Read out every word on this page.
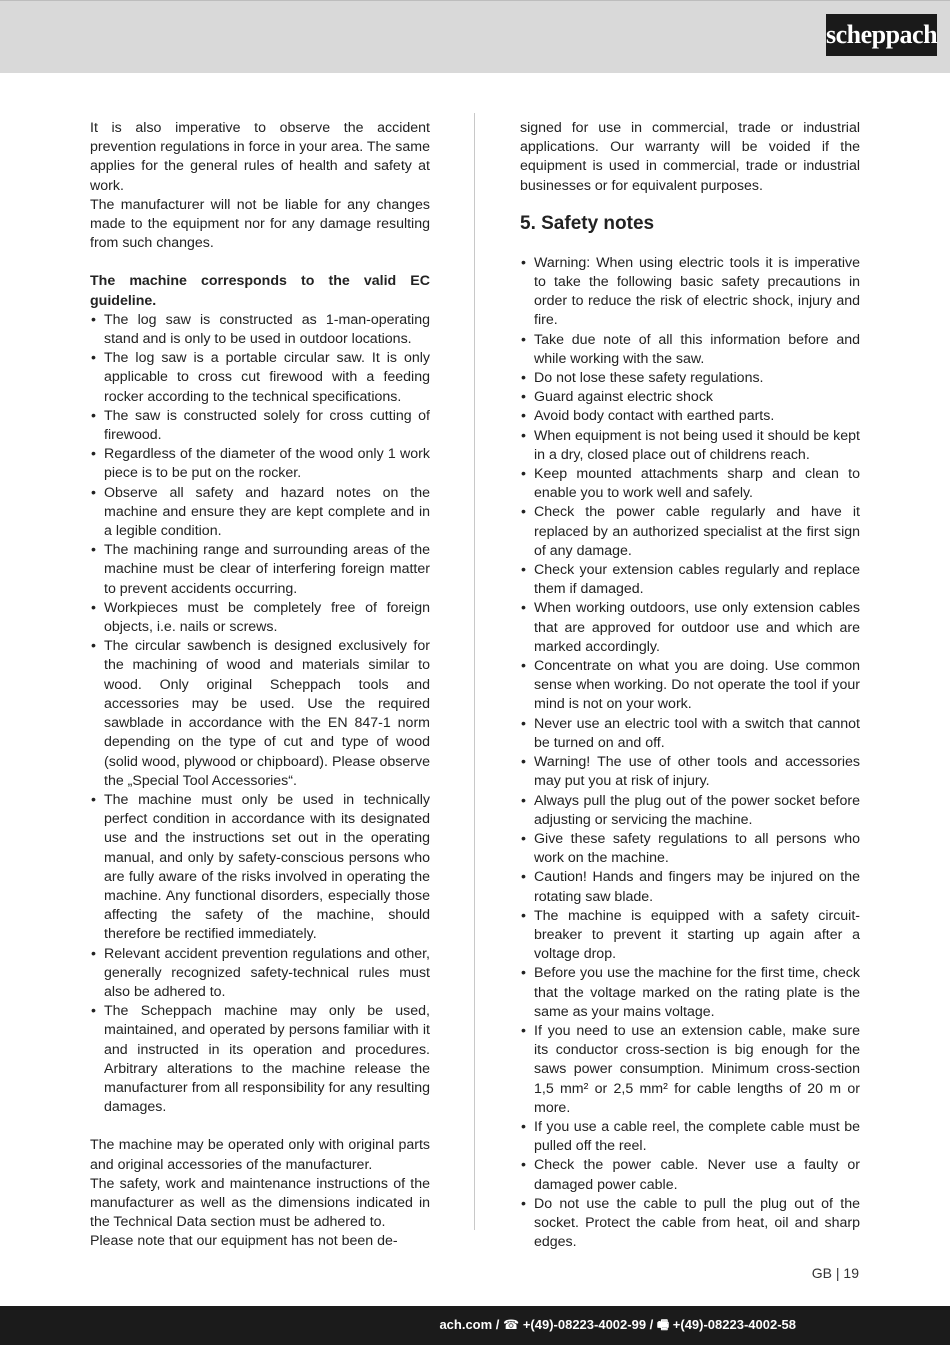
scheppach

It is also imperative to observe the accident prevention regulations in force in your area. The same applies for the general rules of health and safety at work.

The manufacturer will not be liable for any changes made to the equipment nor for any damage resulting from such changes.

The machine corresponds to the valid EC guideline.

• The log saw is constructed as 1-man-operating stand and is only to be used in outdoor locations.
• The log saw is a portable circular saw. It is only applicable to cross cut firewood with a feeding rocker according to the technical specifications.
• The saw is constructed solely for cross cutting of firewood.
• Regardless of the diameter of the wood only 1 work piece is to be put on the rocker.
• Observe all safety and hazard notes on the machine and ensure they are kept complete and in a legible condition.
• The machining range and surrounding areas of the machine must be clear of interfering foreign matter to prevent accidents occurring.
• Workpieces must be completely free of foreign objects, i.e. nails or screws.
• The circular sawbench is designed exclusively for the machining of wood and materials similar to wood. Only original Scheppach tools and accessories may be used. Use the required sawblade in accordance with the EN 847-1 norm depending on the type of cut and type of wood (solid wood, plywood or chipboard). Please observe the „Special Tool Accessories“.
• The machine must only be used in technically perfect condition in accordance with its designated use and the instructions set out in the operating manual, and only by safety-conscious persons who are fully aware of the risks involved in operating the machine. Any functional disorders, especially those affecting the safety of the machine, should therefore be rectified immediately.
• Relevant accident prevention regulations and other, generally recognized safety-technical rules must also be adhered to.
• The Scheppach machine may only be used, maintained, and operated by persons familiar with it and instructed in its operation and procedures. Arbitrary alterations to the machine release the manufacturer from all responsibility for any resulting damages.

The machine may be operated only with original parts and original accessories of the manufacturer.

The safety, work and maintenance instructions of the manufacturer as well as the dimensions indicated in the Technical Data section must be adhered to.

Please note that our equipment has not been de-

signed for use in commercial, trade or industrial applications. Our warranty will be voided if the equipment is used in commercial, trade or industrial businesses or for equivalent purposes.

5. Safety notes
• Warning: When using electric tools it is imperative to take the following basic safety precautions in order to reduce the risk of electric shock, injury and fire.
• Take due note of all this information before and while working with the saw.
• Do not lose these safety regulations.
• Guard against electric shock
• Avoid body contact with earthed parts.
• When equipment is not being used it should be kept in a dry, closed place out of childrens reach.
• Keep mounted attachments sharp and clean to enable you to work well and safely.
• Check the power cable regularly and have it replaced by an authorized specialist at the first sign of any damage.
• Check your extension cables regularly and replace them if damaged.
• When working outdoors, use only extension cables that are approved for outdoor use and which are marked accordingly.
• Concentrate on what you are doing. Use common sense when working. Do not operate the tool if your mind is not on your work.
• Never use an electric tool with a switch that cannot be turned on and off.
• Warning! The use of other tools and accessories may put you at risk of injury.
• Always pull the plug out of the power socket before adjusting or servicing the machine.
• Give these safety regulations to all persons who work on the machine.
• Caution! Hands and fingers may be injured on the rotating saw blade.
• The machine is equipped with a safety circuit-breaker to prevent it starting up again after a voltage drop.
• Before you use the machine for the first time, check that the voltage marked on the rating plate is the same as your mains voltage.
• If you need to use an extension cable, make sure its conductor cross-section is big enough for the saws power consumption. Minimum cross-section 1,5 mm² or 2,5 mm² for cable lengths of 20 m or more.
• If you use a cable reel, the complete cable must be pulled off the reel.
• Check the power cable. Never use a faulty or damaged power cable.
• Do not use the cable to pull the plug out of the socket. Protect the cable from heat, oil and sharp edges.
GB | 19
ach.com / ☎ +(49)-08223-4002-99 / 🖷 +(49)-08223-4002-58
